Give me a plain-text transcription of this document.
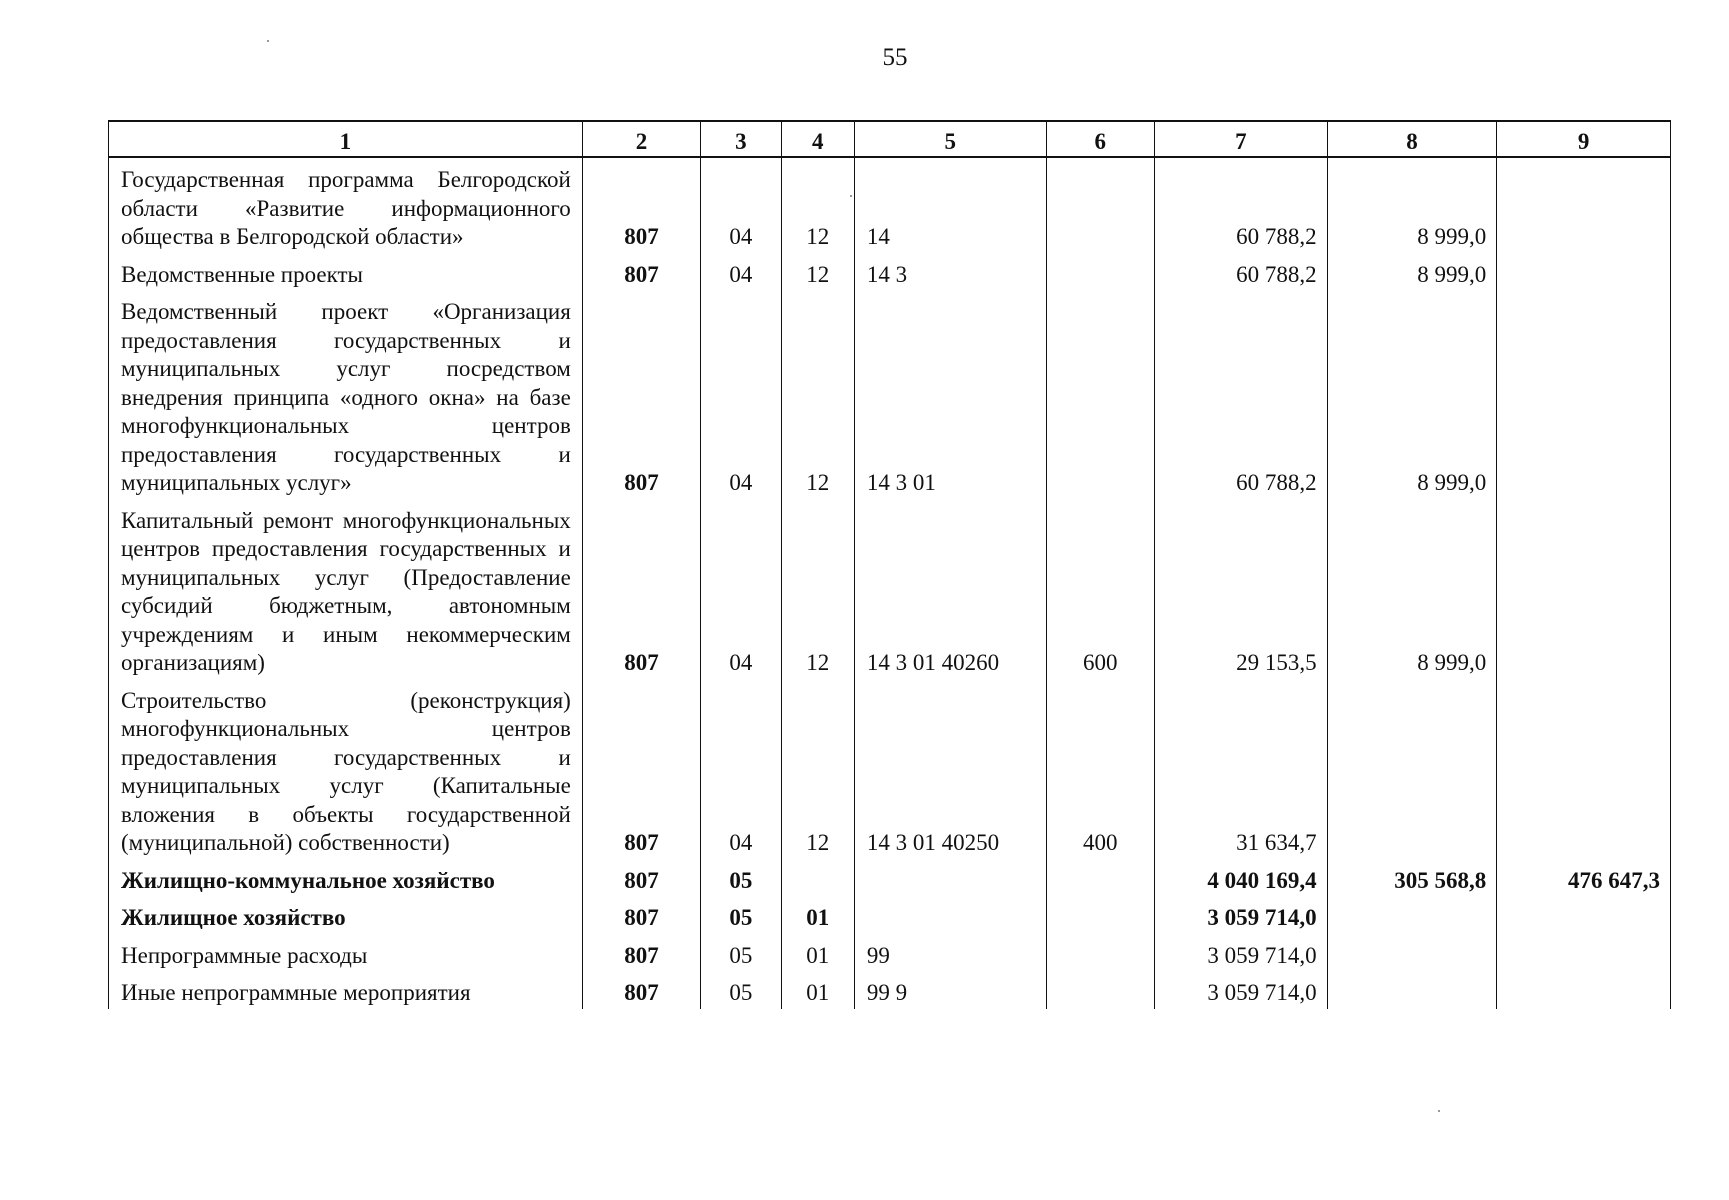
55
1	2	3	4	5	6	7	8	9
Государственная программа Белгородской области «Развитие информационного общества в Белгородской области»	807	04	12	14		60 788,2	8 999,0	
Ведомственные проекты	807	04	12	14 3		60 788,2	8 999,0	
Ведомственный проект «Организация предоставления государственных и муниципальных услуг посредством внедрения принципа «одного окна» на базе многофункциональных центров предоставления государственных и муниципальных услуг»	807	04	12	14 3 01		60 788,2	8 999,0	
Капитальный ремонт многофункциональных центров предоставления государственных и муниципальных услуг (Предоставление субсидий бюджетным, автономным учреждениям и иным некоммерческим организациям)	807	04	12	14 3 01 40260	600	29 153,5	8 999,0	
Строительство (реконструкция) многофункциональных центров предоставления государственных и муниципальных услуг (Капитальные вложения в объекты государственной (муниципальной) собственности)	807	04	12	14 3 01 40250	400	31 634,7		
Жилищно-коммунальное хозяйство	807	05				4 040 169,4	305 568,8	476 647,3
Жилищное хозяйство	807	05	01			3 059 714,0		
Непрограммные расходы	807	05	01	99		3 059 714,0		
Иные непрограммные мероприятия	807	05	01	99 9		3 059 714,0		
